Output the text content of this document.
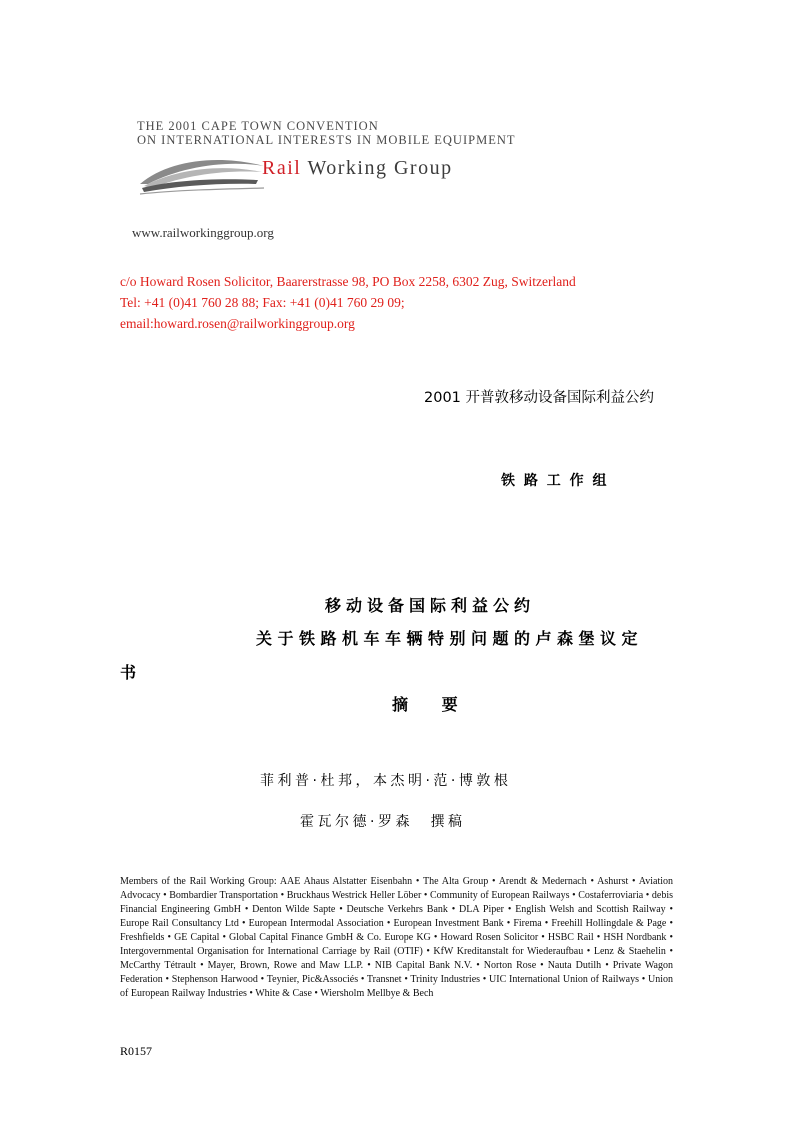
THE 2001 CAPE TOWN CONVENTION
ON INTERNATIONAL INTERESTS IN MOBILE EQUIPMENT
Rail Working Group
www.railworkinggroup.org
c/o Howard Rosen Solicitor, Baarerstrasse 98, PO Box 2258, 6302 Zug, Switzerland
Tel: +41 (0)41 760 28 88; Fax: +41 (0)41 760 29 09;
email:howard.rosen@railworkinggroup.org
2001 开普敦移动设备国际利益公约
铁 路 工 作 组
移动设备国际利益公约
关于铁路机车车辆特别问题的卢森堡议定
书
摘 要
菲利普·杜邦，本杰明·范·博敦根
霍瓦尔德·罗森　撰稿
Members of the Rail Working Group: AAE Ahaus Alstatter Eisenbahn • The Alta Group • Arendt & Medernach • Ashurst • Aviation Advocacy • Bombardier Transportation • Bruckhaus Westrick Heller Löber • Community of European Railways • Costaferroviaria • debis Financial Engineering GmbH • Denton Wilde Sapte • Deutsche Verkehrs Bank • DLA Piper • English Welsh and Scottish Railway • Europe Rail Consultancy Ltd • European Intermodal Association • European Investment Bank • Firema • Freehill Hollingdale & Page • Freshfields • GE Capital • Global Capital Finance GmbH & Co. Europe KG • Howard Rosen Solicitor • HSBC Rail • HSH Nordbank • Intergovernmental Organisation for International Carriage by Rail (OTIF) • KfW Kreditanstalt for Wiederaufbau • Lenz & Staehelin • McCarthy Tétrault • Mayer, Brown, Rowe and Maw LLP. • NIB Capital Bank N.V. • Norton Rose • Nauta Dutilh • Private Wagon Federation • Stephenson Harwood • Teynier, Pic&Associés • Transnet • Trinity Industries • UIC International Union of Railways • Union of European Railway Industries • White & Case • Wiersholm Mellbye & Bech
R0157
